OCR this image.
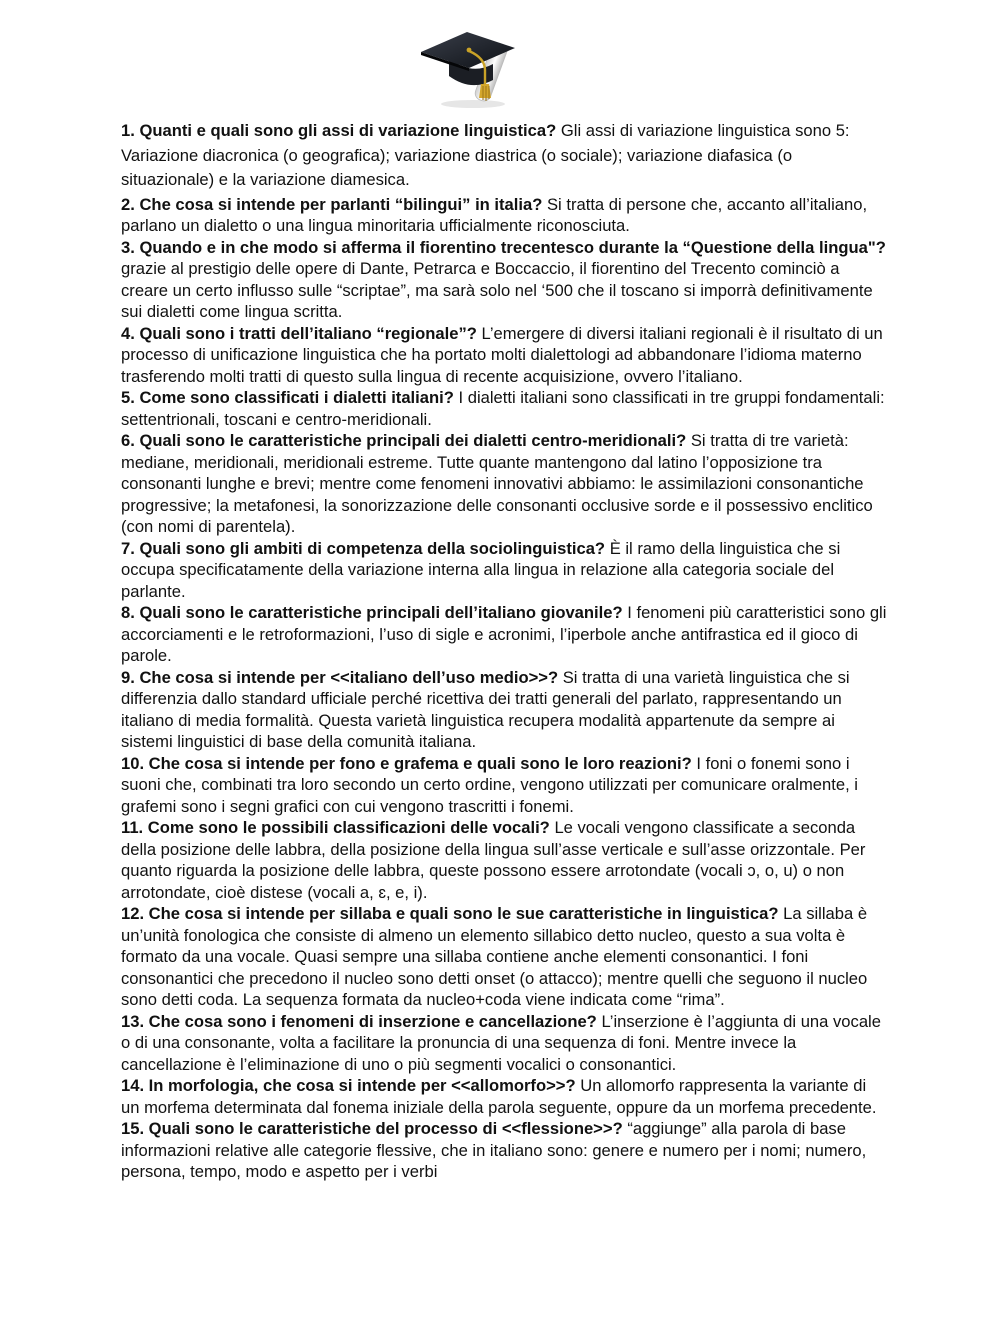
1. Quanti e quali sono gli assi di variazione linguistica? Gli assi di variazione linguistica sono 5: Variazione diacronica (o geografica); variazione diastrica (o sociale); variazione diafasica (o situazionale) e la variazione diamesica.

2. Che cosa si intende per parlanti “bilingui” in italia? Si tratta di persone che, accanto all’italiano,
parlano un dialetto o una lingua minoritaria ufficialmente riconosciuta.

3. Quando e in che modo si afferma il fiorentino trecentesco durante la “Questione della lingua"? grazie al prestigio delle opere di Dante, Petrarca e Boccaccio, il fiorentino del Trecento cominciò a creare un certo influsso sulle “scriptae”, ma sarà solo nel ‘500 che il toscano si imporrà definitivamente sui dialetti come lingua scritta.

4. Quali sono i tratti dell’italiano “regionale”? L’emergere di diversi italiani regionali è il risultato di un processo di unificazione linguistica che ha portato molti dialettologi ad abbandonare l’idioma materno trasferendo molti tratti di questo sulla lingua di recente acquisizione, ovvero l’italiano.

5. Come sono classificati i dialetti italiani? I dialetti italiani sono classificati in tre gruppi fondamentali: settentrionali, toscani e centro-meridionali.

6. Quali sono le caratteristiche principali dei dialetti centro-meridionali? Si tratta di tre varietà: mediane, meridionali, meridionali estreme. Tutte quante mantengono dal latino l’opposizione tra consonanti lunghe e brevi; mentre come fenomeni innovativi abbiamo: le assimilazioni consonantiche progressive; la metafonesi, la sonorizzazione delle consonanti occlusive sorde e il possessivo enclitico (con nomi di parentela).

7. Quali sono gli ambiti di competenza della sociolinguistica? È il ramo della linguistica che si occupa specificatamente della variazione interna alla lingua in relazione alla categoria sociale del parlante.

8. Quali sono le caratteristiche principali dell’italiano giovanile? I fenomeni più caratteristici sono gli accorciamenti e le retroformazioni, l’uso di sigle e acronimi, l’iperbole anche antifrastica ed il gioco di parole.

9. Che cosa si intende per <<italiano dell’uso medio>>? Si tratta di una varietà linguistica che si differenzia dallo standard ufficiale perché ricettiva dei tratti generali del parlato, rappresentando un italiano di media formalità. Questa varietà linguistica recupera modalità appartenute da sempre ai sistemi linguistici di base della comunità italiana.

10. Che cosa si intende per fono e grafema e quali sono le loro reazioni? I foni o fonemi sono i suoni che, combinati tra loro secondo un certo ordine, vengono utilizzati per comunicare oralmente, i grafemi sono i segni grafici con cui vengono trascritti i fonemi.

11. Come sono le possibili classificazioni delle vocali? Le vocali vengono classificate a seconda della posizione delle labbra, della posizione della lingua sull’asse verticale e sull’asse orizzontale. Per quanto riguarda la posizione delle labbra, queste possono essere arrotondate (vocali ɔ, o, u) o non arrotondate, cioè distese (vocali a, ɛ, e, i).

12. Che cosa si intende per sillaba e quali sono le sue caratteristiche in linguistica? La sillaba è un’unità fonologica che consiste di almeno un elemento sillabico detto nucleo, questo a sua volta è formato da una vocale. Quasi sempre una sillaba contiene anche elementi consonantici. I foni consonantici che precedono il nucleo sono detti onset (o attacco); mentre quelli che seguono il nucleo sono detti coda. La sequenza formata da nucleo+coda viene indicata come “rima”.

13. Che cosa sono i fenomeni di inserzione e cancellazione? L’inserzione è l’aggiunta di una vocale o di una consonante, volta a facilitare la pronuncia di una sequenza di foni. Mentre invece la cancellazione è l’eliminazione di uno o più segmenti vocalici o consonantici.

14. In morfologia, che cosa si intende per <<allomorfo>>? Un allomorfo rappresenta la variante di un morfema determinata dal fonema iniziale della parola seguente, oppure da un morfema precedente.

15. Quali sono le caratteristiche del processo di <<flessione>>? “aggiunge” alla parola di base informazioni relative alle categorie flessive, che in italiano sono: genere e numero per i nomi; numero, persona, tempo, modo e aspetto per i verbi
